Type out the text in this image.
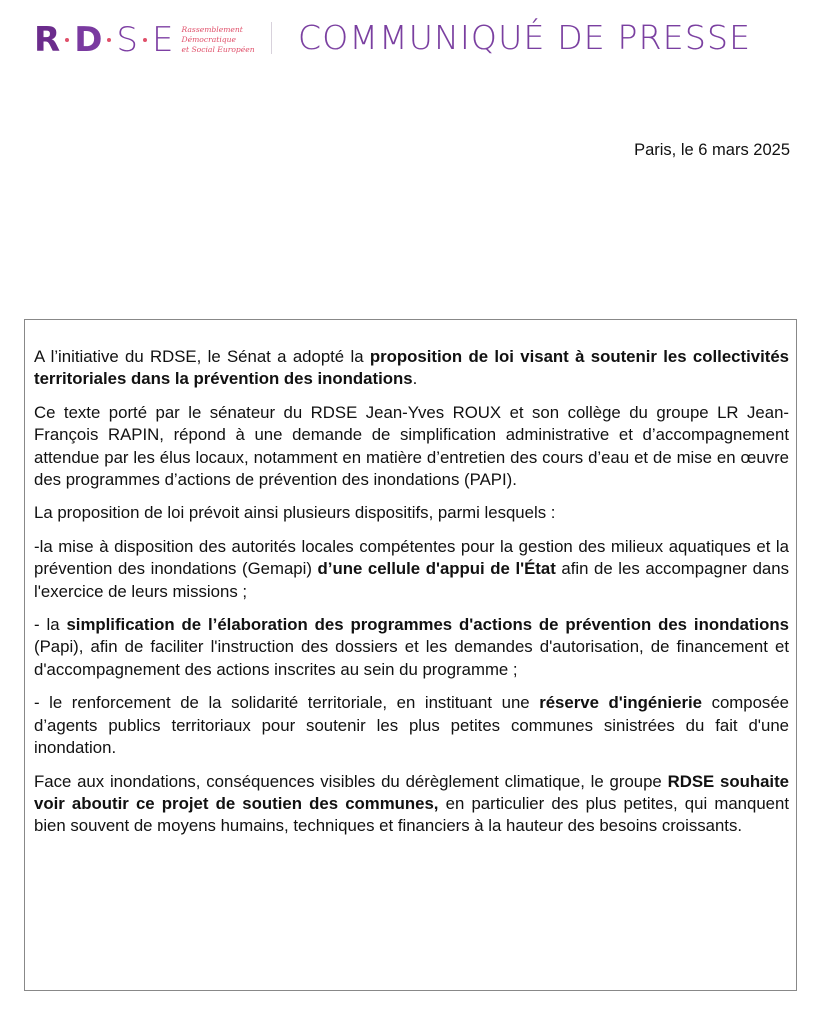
R D S E Rassemblement
Démocratique
et Social Européen COMMUNIQUÉ DE PRESSE
Paris, le 6 mars 2025

A l’initiative du RDSE, le Sénat a adopté la proposition de loi visant à soutenir les collectivités territoriales dans la prévention des inondations.

Ce texte porté par le sénateur du RDSE Jean-Yves ROUX et son collège du groupe LR Jean-François RAPIN, répond à une demande de simplification administrative et d’accompagnement attendue par les élus locaux, notamment en matière d’entretien des cours d’eau et de mise en œuvre des programmes d’actions de prévention des inondations (PAPI).

La proposition de loi prévoit ainsi plusieurs dispositifs, parmi lesquels :

-la mise à disposition des autorités locales compétentes pour la gestion des milieux aquatiques et la prévention des inondations (Gemapi) d’une cellule d'appui de l'État afin de les accompagner dans l'exercice de leurs missions ;

- la simplification de l’élaboration des programmes d'actions de prévention des inondations (Papi), afin de faciliter l'instruction des dossiers et les demandes d'autorisation, de financement et d'accompagnement des actions inscrites au sein du programme ;

- le renforcement de la solidarité territoriale, en instituant une réserve d'ingénierie composée d’agents publics territoriaux pour soutenir les plus petites communes sinistrées du fait d'une inondation.

Face aux inondations, conséquences visibles du dérèglement climatique, le groupe RDSE souhaite voir aboutir ce projet de soutien des communes, en particulier des plus petites, qui manquent bien souvent de moyens humains, techniques et financiers à la hauteur des besoins croissants.
